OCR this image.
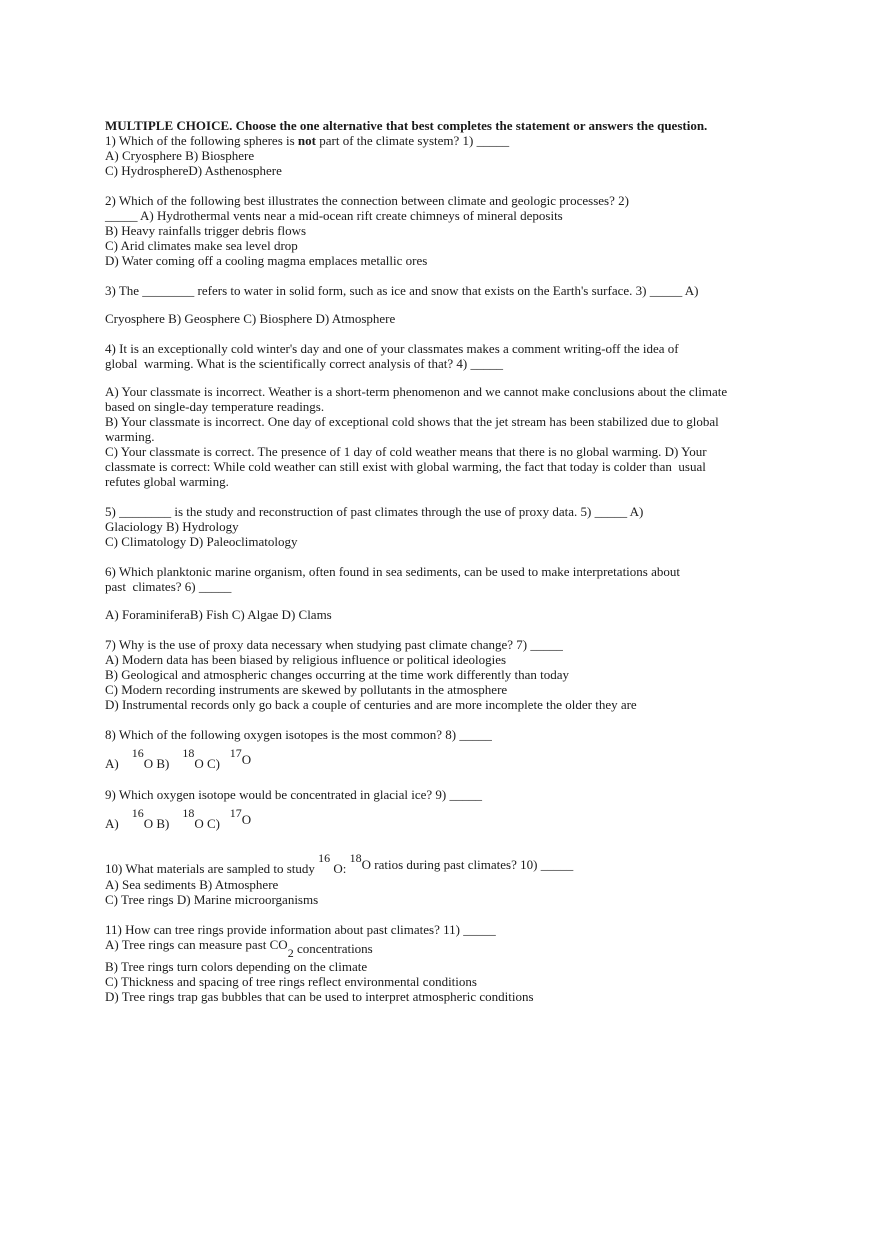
MULTIPLE CHOICE. Choose the one alternative that best completes the statement or answers the question.
1) Which of the following spheres is not part of the climate system? 1) _____
A) Cryosphere B) Biosphere
C) HydrosphereD) Asthenosphere
2) Which of the following best illustrates the connection between climate and geologic processes? 2)
_____ A) Hydrothermal vents near a mid-ocean rift create chimneys of mineral deposits
B) Heavy rainfalls trigger debris flows
C) Arid climates make sea level drop
D) Water coming off a cooling magma emplaces metallic ores
3) The ________ refers to water in solid form, such as ice and snow that exists on the Earth's surface. 3) _____ A)
Cryosphere B) Geosphere C) Biosphere D) Atmosphere
4) It is an exceptionally cold winter's day and one of your classmates makes a comment writing-off the idea of
global  warming. What is the scientifically correct analysis of that? 4) _____
A) Your classmate is incorrect. Weather is a short-term phenomenon and we cannot make conclusions about the climate
based on single-day temperature readings.
B) Your classmate is incorrect. One day of exceptional cold shows that the jet stream has been stabilized due to global
warming.
C) Your classmate is correct. The presence of 1 day of cold weather means that there is no global warming. D) Your
classmate is correct: While cold weather can still exist with global warming, the fact that today is colder than  usual
refutes global warming.
5) ________ is the study and reconstruction of past climates through the use of proxy data. 5) _____ A)
Glaciology B) Hydrology
C) Climatology D) Paleoclimatology
6) Which planktonic marine organism, often found in sea sediments, can be used to make interpretations about
past  climates? 6) _____
A) ForaminiferaB) Fish C) Algae D) Clams
7) Why is the use of proxy data necessary when studying past climate change? 7) _____
A) Modern data has been biased by religious influence or political ideologies
B) Geological and atmospheric changes occurring at the time work differently than today
C) Modern recording instruments are skewed by pollutants in the atmosphere
D) Instrumental records only go back a couple of centuries and are more incomplete the older they are
8) Which of the following oxygen isotopes is the most common? 8) _____
A)    16O B)    18O C)   17O
9) Which oxygen isotope would be concentrated in glacial ice? 9) _____
A)    16O B)    18O C)   17O
10) What materials are sampled to study 16 O: 18O ratios during past climates? 10) _____
A) Sea sediments B) Atmosphere
C) Tree rings D) Marine microorganisms
11) How can tree rings provide information about past climates? 11) _____
A) Tree rings can measure past CO2 concentrations
B) Tree rings turn colors depending on the climate
C) Thickness and spacing of tree rings reflect environmental conditions
D) Tree rings trap gas bubbles that can be used to interpret atmospheric conditions
